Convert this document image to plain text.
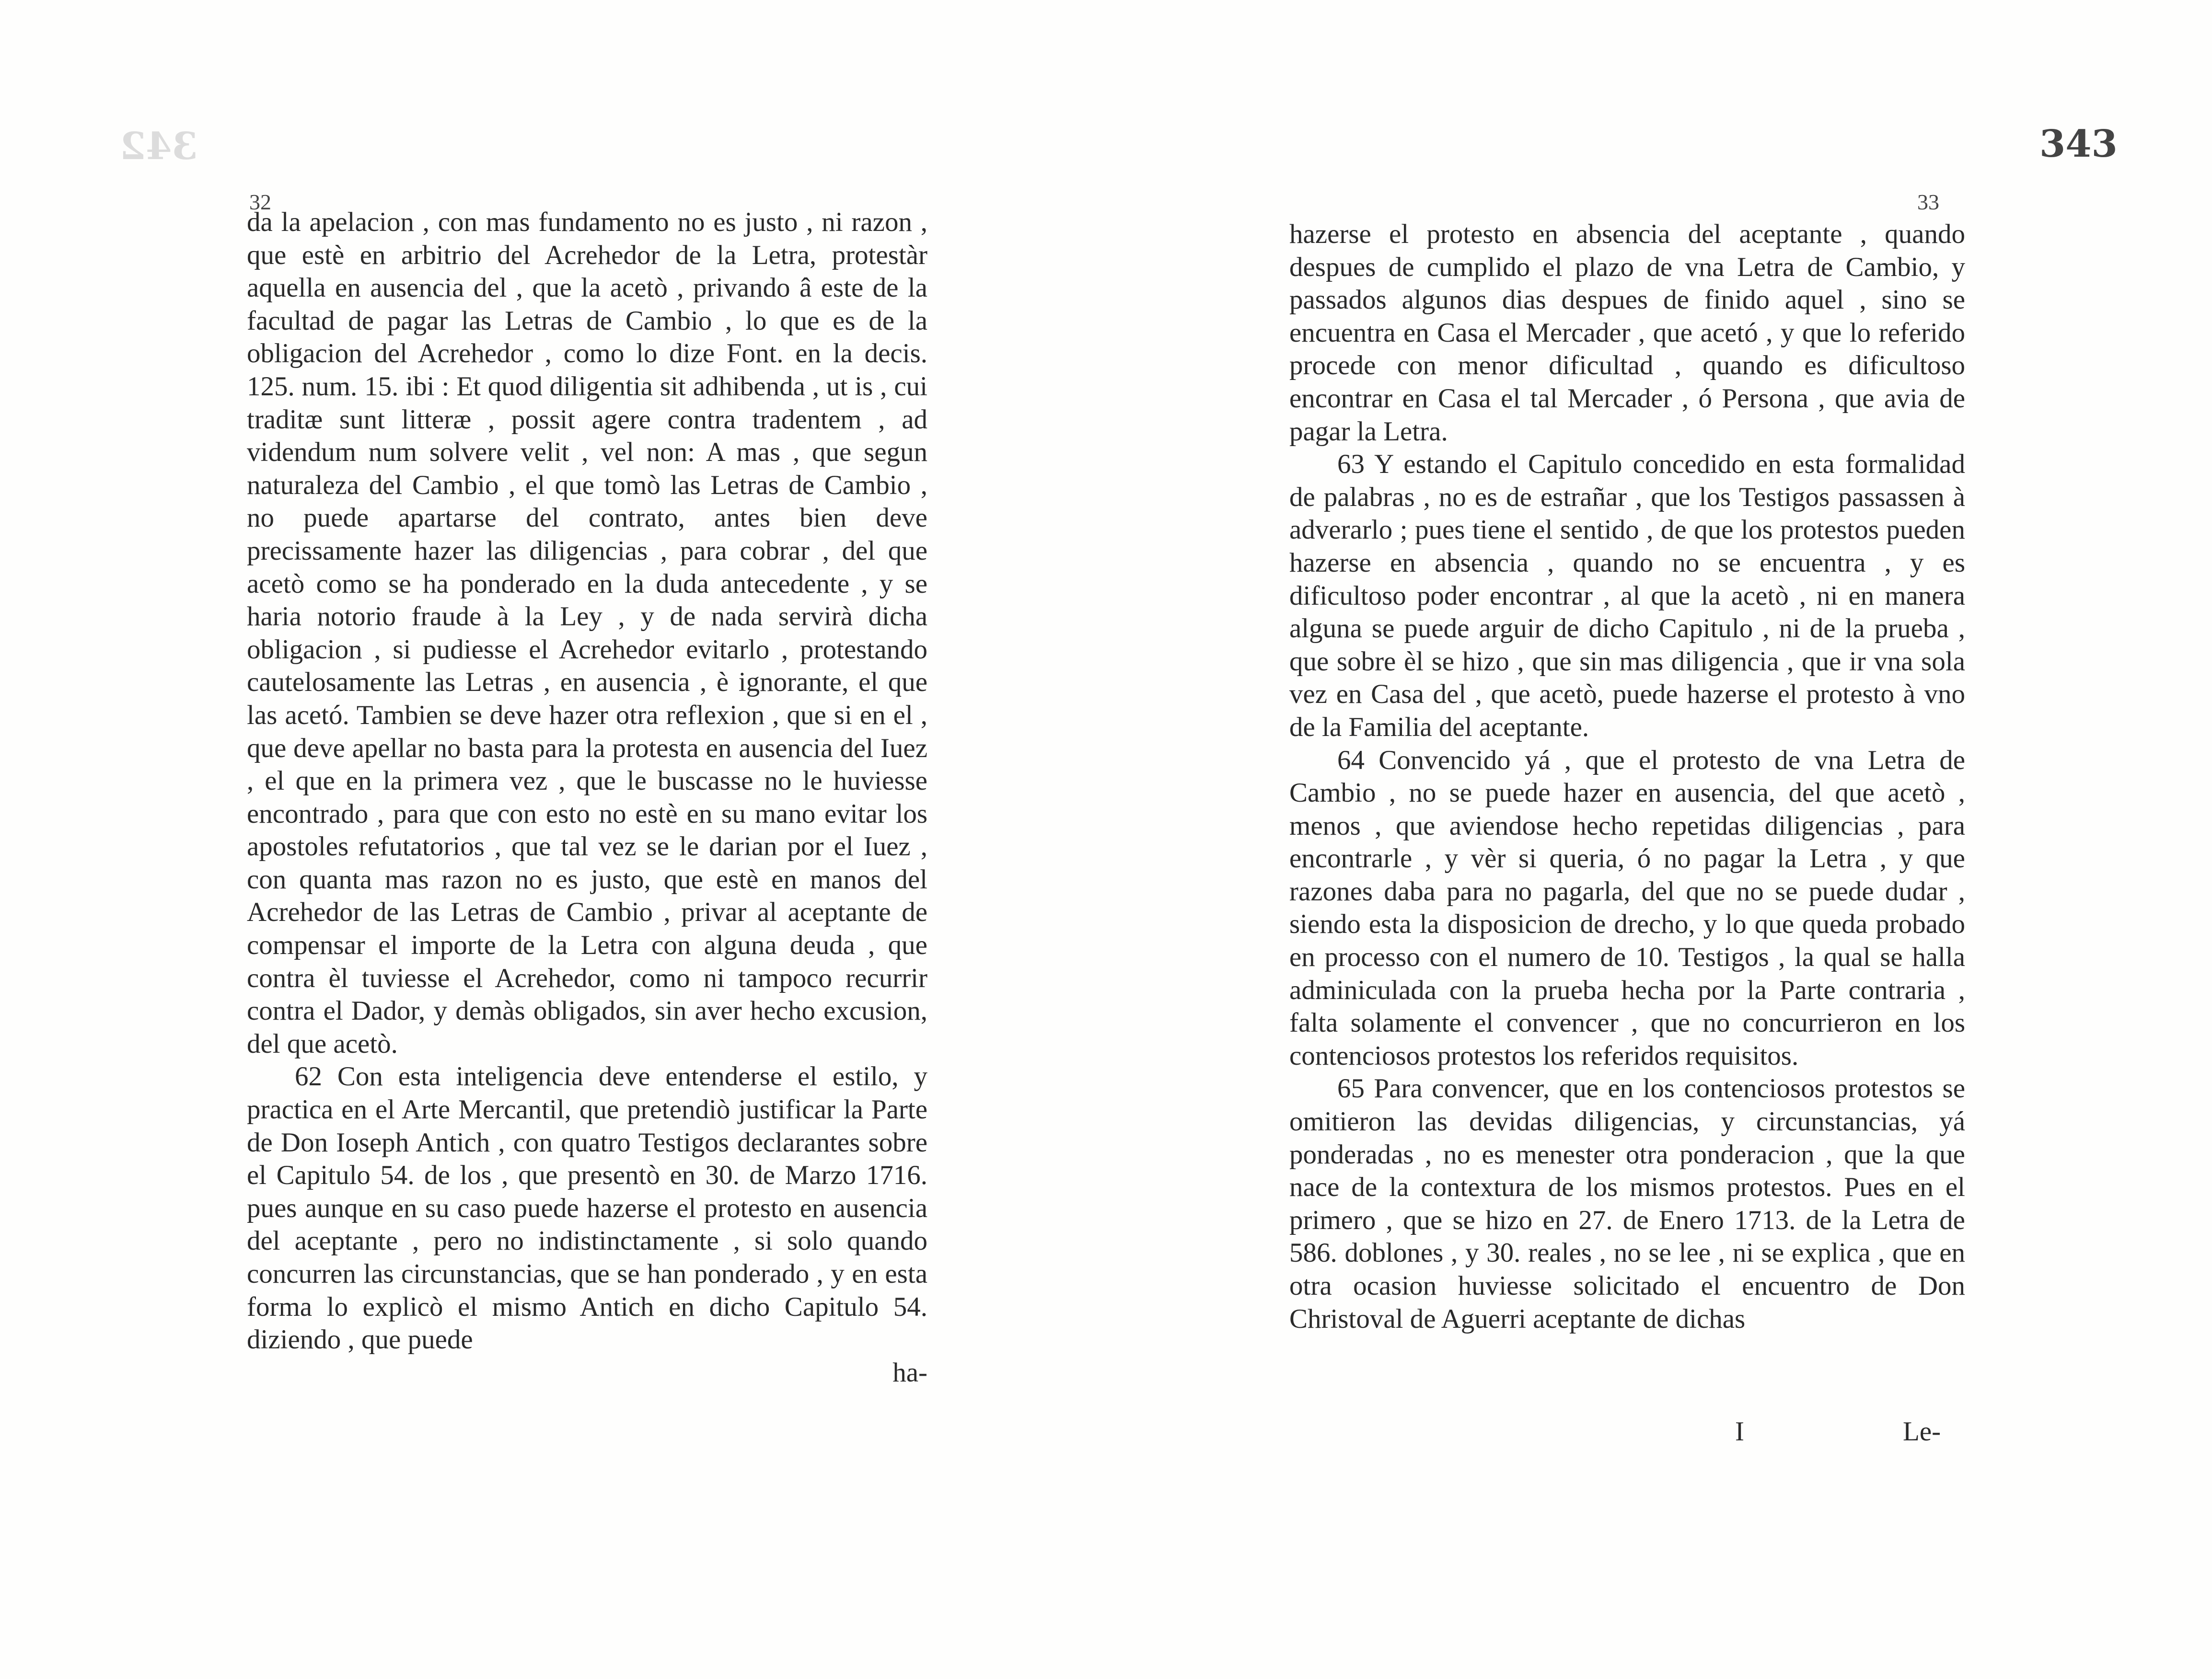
342
32

da la apelacion , con mas fundamento no es justo , ni razon , que estè en arbitrio del Acrehedor de la Letra, protestàr aquella en ausencia del , que la acetò , privando â este de la facultad de pagar las Letras de Cambio , lo que es de la obligacion del Acrehedor , como lo dize Font. en la decis. 125. num. 15. ibi : Et quod diligentia sit adhibenda , ut is , cui traditæ sunt litteræ , possit agere contra tradentem , ad videndum num solvere velit , vel non: A mas , que segun naturaleza del Cambio , el que tomò las Letras de Cambio , no puede apartarse del contrato, antes bien deve precissamente hazer las diligencias , para cobrar , del que acetò como se ha ponderado en la duda antecedente , y se haria notorio fraude à la Ley , y de nada servirà dicha obligacion , si pudiesse el Acrehedor evitarlo , protestando cautelosamente las Letras , en ausencia , è ignorante, el que las acetó. Tambien se deve hazer otra reflexion , que si en el , que deve apellar no basta para la protesta en ausencia del Iuez , el que en la primera vez , que le buscasse no le huviesse encontrado , para que con esto no estè en su mano evitar los apostoles refutatorios , que tal vez se le darian por el Iuez , con quanta mas razon no es justo, que estè en manos del Acrehedor de las Letras de Cambio , privar al aceptante de compensar el importe de la Letra con alguna deuda , que contra èl tuviesse el Acrehedor, como ni tampoco recurrir contra el Dador, y demàs obligados, sin aver hecho excusion, del que acetò.

62 Con esta inteligencia deve entenderse el estilo, y practica en el Arte Mercantil, que pretendiò justificar la Parte de Don Ioseph Antich , con quatro Testigos declarantes sobre el Capitulo 54. de los , que presentò en 30. de Marzo 1716. pues aunque en su caso puede hazerse el protesto en ausencia del aceptante , pero no indistinctamente , si solo quando concurren las circunstancias, que se han ponderado , y en esta forma lo explicò el mismo Antich en dicho Capitulo 54. diziendo , que puede

ha-
343
33

hazerse el protesto en absencia del aceptante , quando despues de cumplido el plazo de vna Letra de Cambio, y passados algunos dias despues de finido aquel , sino se encuentra en Casa el Mercader , que acetó , y que lo referido procede con menor dificultad , quando es dificultoso encontrar en Casa el tal Mercader , ó Persona , que avia de pagar la Letra.

63 Y estando el Capitulo concedido en esta formalidad de palabras , no es de estrañar , que los Testigos passassen à adverarlo ; pues tiene el sentido , de que los protestos pueden hazerse en absencia , quando no se encuentra , y es dificultoso poder encontrar , al que la acetò , ni en manera alguna se puede arguir de dicho Capitulo , ni de la prueba , que sobre èl se hizo , que sin mas diligencia , que ir vna sola vez en Casa del , que acetò, puede hazerse el protesto à vno de la Familia del aceptante.

64 Convencido yá , que el protesto de vna Letra de Cambio , no se puede hazer en ausencia, del que acetò , menos , que aviendose hecho repetidas diligencias , para encontrarle , y vèr si queria, ó no pagar la Letra , y que razones daba para no pagarla, del que no se puede dudar , siendo esta la disposicion de drecho, y lo que queda probado en processo con el numero de 10. Testigos , la qual se halla adminiculada con la prueba hecha por la Parte contraria , falta solamente el convencer , que no concurrieron en los contenciosos protestos los referidos requisitos.

65 Para convencer, que en los contenciosos protestos se omitieron las devidas diligencias, y circunstancias, yá ponderadas , no es menester otra ponderacion , que la que nace de la contextura de los mismos protestos. Pues en el primero , que se hizo en 27. de Enero 1713. de la Letra de 586. doblones , y 30. reales , no se lee , ni se explica , que en otra ocasion huviesse solicitado el encuentro de Don Christoval de Aguerri aceptante de dichas

I	Le-
